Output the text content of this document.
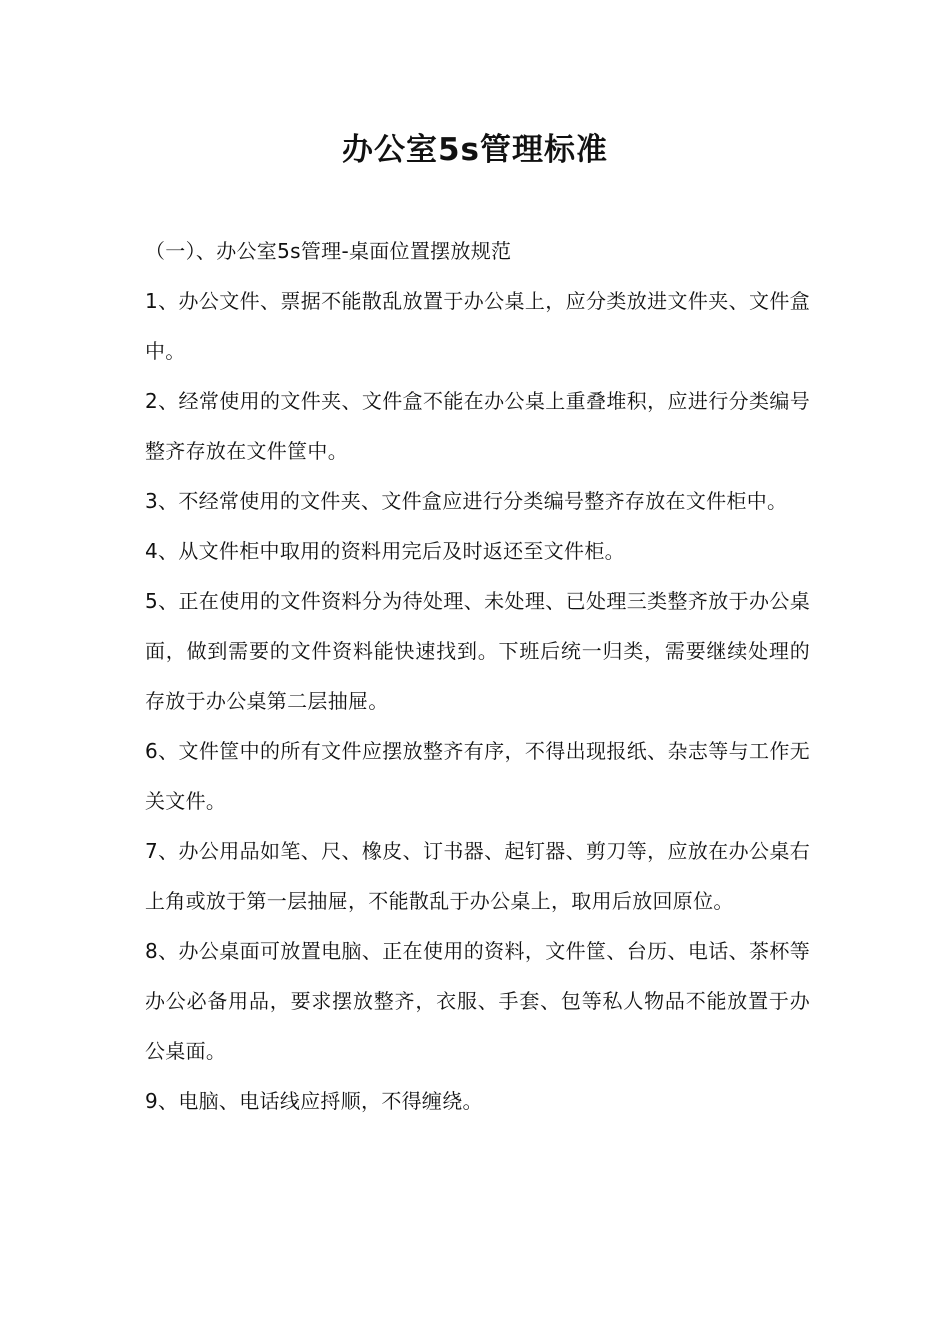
办公室5s管理标准

（一）、办公室5s管理-桌面位置摆放规范

1、办公文件、票据不能散乱放置于办公桌上，应分类放进文件夹、文件盒中。

2、经常使用的文件夹、文件盒不能在办公桌上重叠堆积，应进行分类编号整齐存放在文件筐中。

3、不经常使用的文件夹、文件盒应进行分类编号整齐存放在文件柜中。

4、从文件柜中取用的资料用完后及时返还至文件柜。

5、正在使用的文件资料分为待处理、未处理、已处理三类整齐放于办公桌面，做到需要的文件资料能快速找到。下班后统一归类，需要继续处理的存放于办公桌第二层抽屉。

6、文件筐中的所有文件应摆放整齐有序，不得出现报纸、杂志等与工作无关文件。

7、办公用品如笔、尺、橡皮、订书器、起钉器、剪刀等，应放在办公桌右上角或放于第一层抽屉，不能散乱于办公桌上，取用后放回原位。

8、办公桌面可放置电脑、正在使用的资料，文件筐、台历、电话、茶杯等办公必备用品，要求摆放整齐，衣服、手套、包等私人物品不能放置于办公桌面。

9、电脑、电话线应捋顺，不得缠绕。
